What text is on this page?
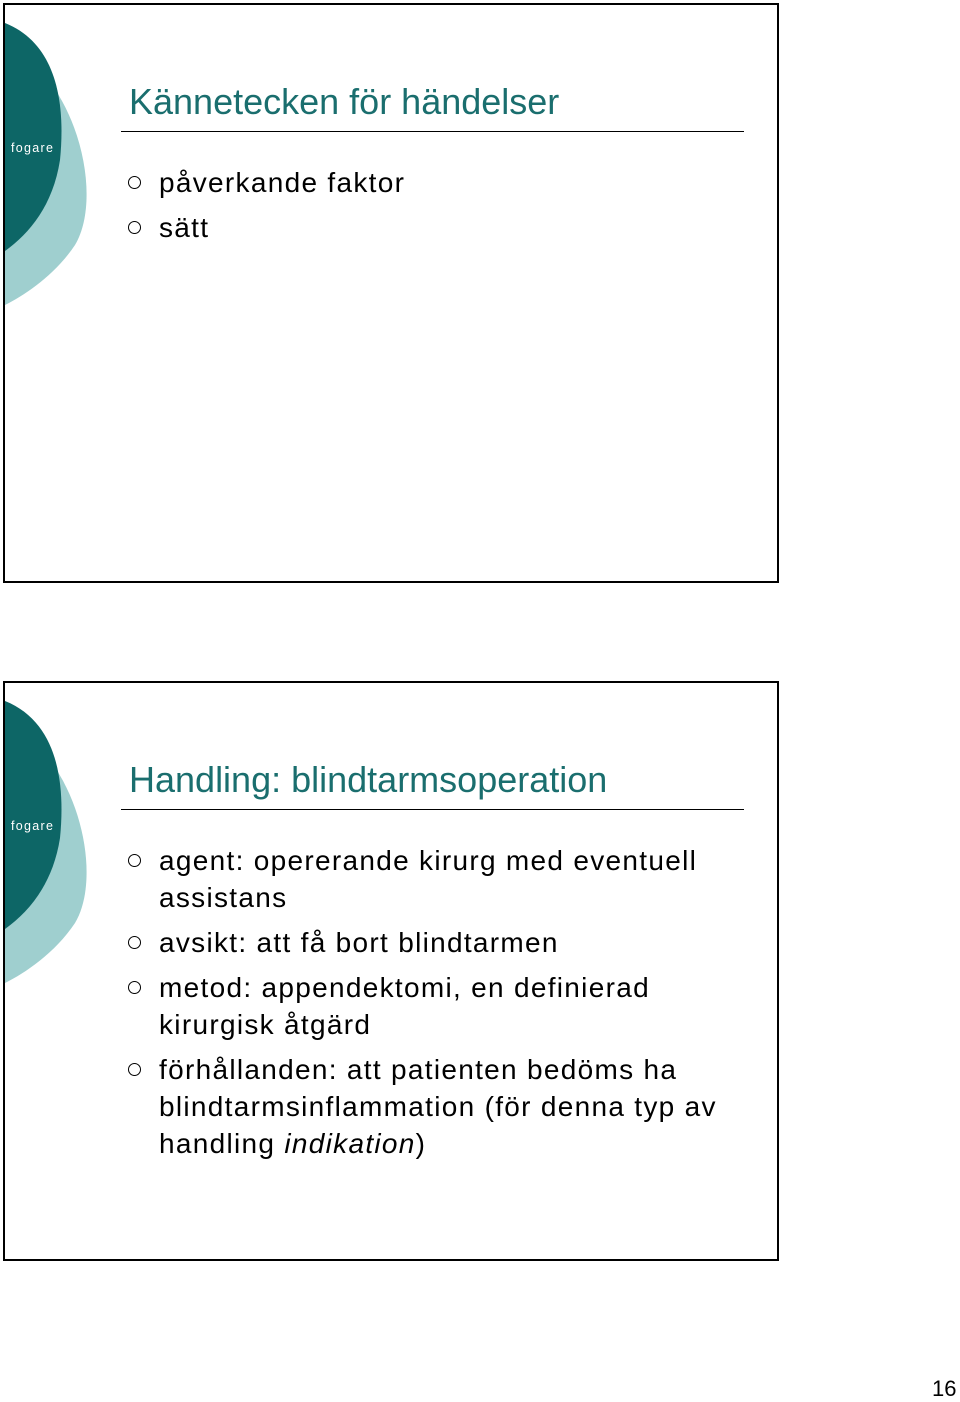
fogare
Kännetecken för händelser
påverkande faktor
sätt
fogare
Handling: blindtarmsoperation
agent: opererande kirurg med eventuell assistans
avsikt: att få bort blindtarmen
metod: appendektomi, en definierad kirurgisk åtgärd
förhållanden: att patienten bedöms ha blindtarmsinflammation (för denna typ av handling indikation)
16
